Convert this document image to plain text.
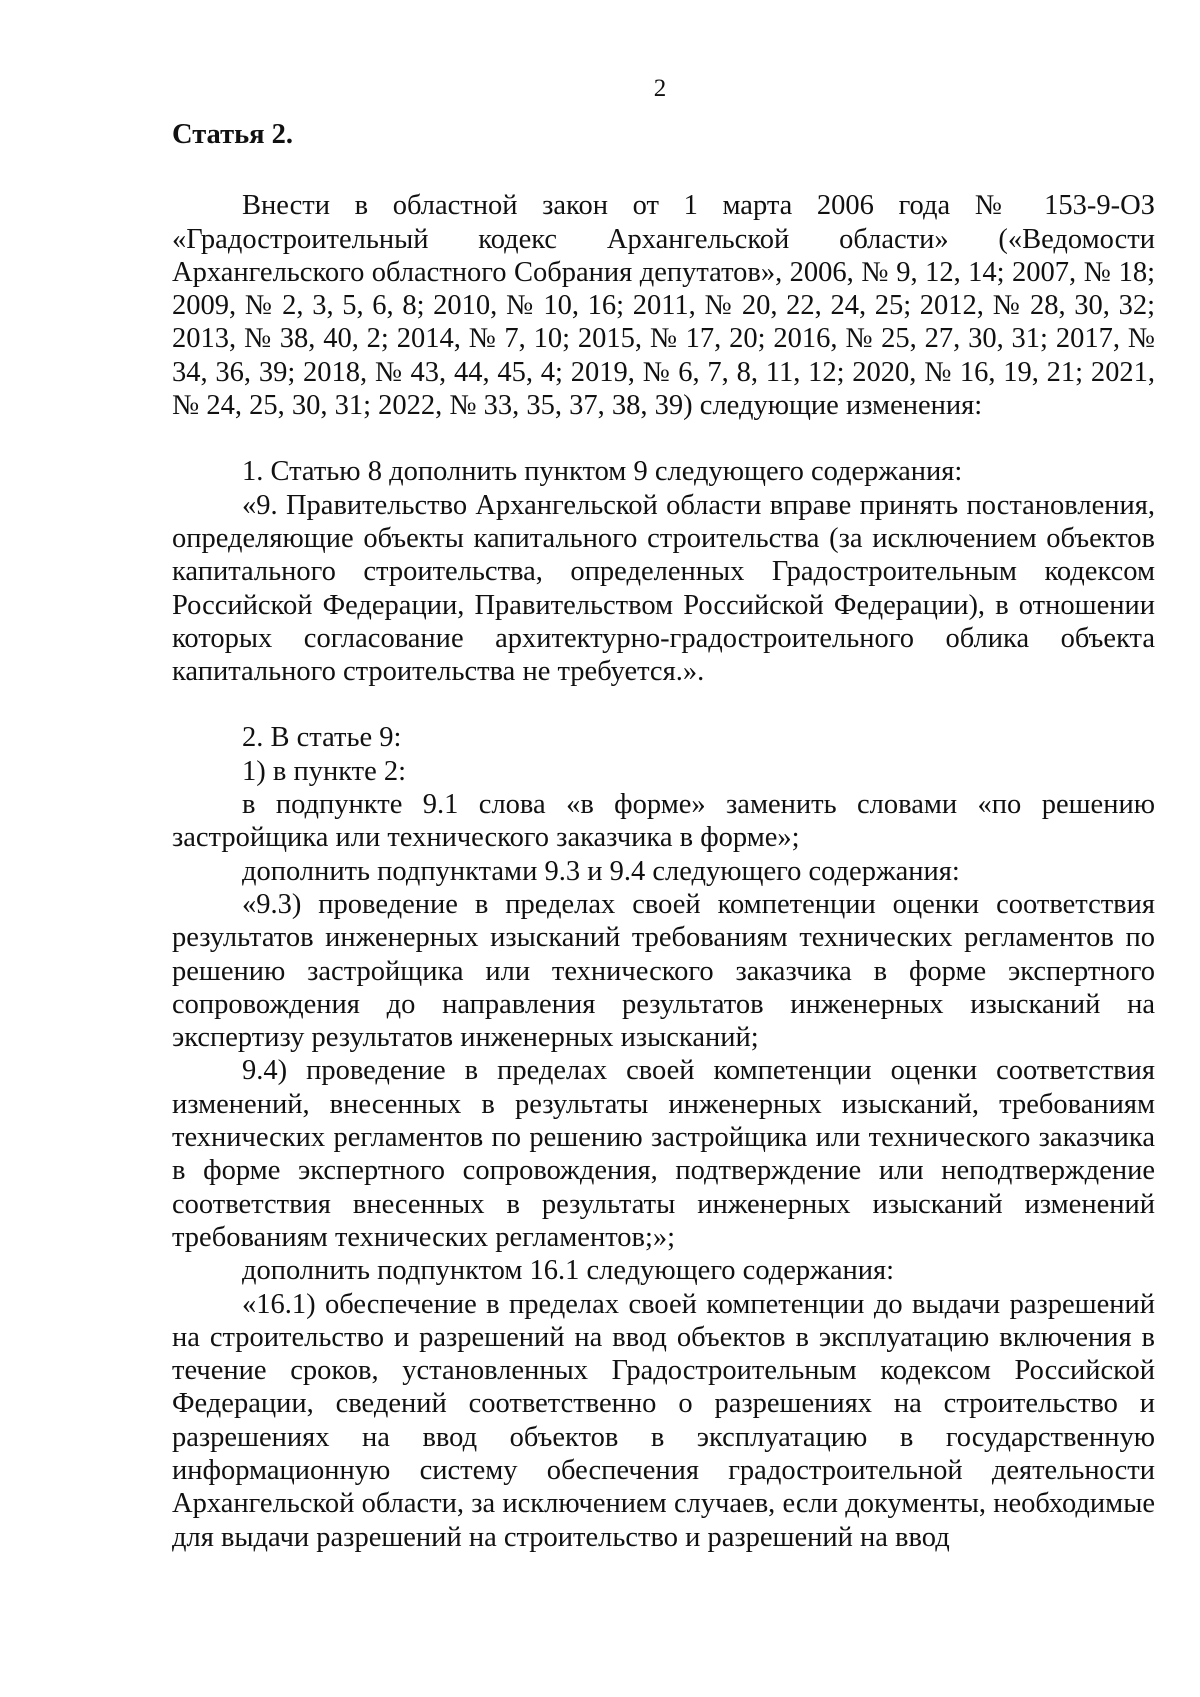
2

Статья 2.

Внести в областной закон от 1 марта 2006 года № 153-9-ОЗ «Градостроительный кодекс Архангельской области» («Ведомости Архангельского областного Собрания депутатов», 2006, № 9, 12, 14; 2007, № 18; 2009, № 2, 3, 5, 6, 8; 2010, № 10, 16; 2011, № 20, 22, 24, 25; 2012, № 28, 30, 32; 2013, № 38, 40, 2; 2014, № 7, 10; 2015, № 17, 20; 2016, № 25, 27, 30, 31; 2017, № 34, 36, 39; 2018, № 43, 44, 45, 4; 2019, № 6, 7, 8, 11, 12; 2020, № 16, 19, 21; 2021, № 24, 25, 30, 31; 2022, № 33, 35, 37, 38, 39) следующие изменения:

1. Статью 8 дополнить пунктом 9 следующего содержания:

«9. Правительство Архангельской области вправе принять постановления, определяющие объекты капитального строительства (за исключением объектов капитального строительства, определенных Градостроительным кодексом Российской Федерации, Правительством Российской Федерации), в отношении которых согласование архитектурно-градостроительного облика объекта капитального строительства не требуется.».

2. В статье 9:

1) в пункте 2:

в подпункте 9.1 слова «в форме» заменить словами «по решению застройщика или технического заказчика в форме»;

дополнить подпунктами 9.3 и 9.4 следующего содержания:

«9.3) проведение в пределах своей компетенции оценки соответствия результатов инженерных изысканий требованиям технических регламентов по решению застройщика или технического заказчика в форме экспертного сопровождения до направления результатов инженерных изысканий на экспертизу результатов инженерных изысканий;

9.4) проведение в пределах своей компетенции оценки соответствия изменений, внесенных в результаты инженерных изысканий, требованиям технических регламентов по решению застройщика или технического заказчика в форме экспертного сопровождения, подтверждение или неподтверждение соответствия внесенных в результаты инженерных изысканий изменений требованиям технических регламентов;»;

дополнить подпунктом 16.1 следующего содержания:

«16.1) обеспечение в пределах своей компетенции до выдачи разрешений на строительство и разрешений на ввод объектов в эксплуатацию включения в течение сроков, установленных Градостроительным кодексом Российской Федерации, сведений соответственно о разрешениях на строительство и разрешениях на ввод объектов в эксплуатацию в государственную информационную систему обеспечения градостроительной деятельности Архангельской области, за исключением случаев, если документы, необходимые для выдачи разрешений на строительство и разрешений на ввод
